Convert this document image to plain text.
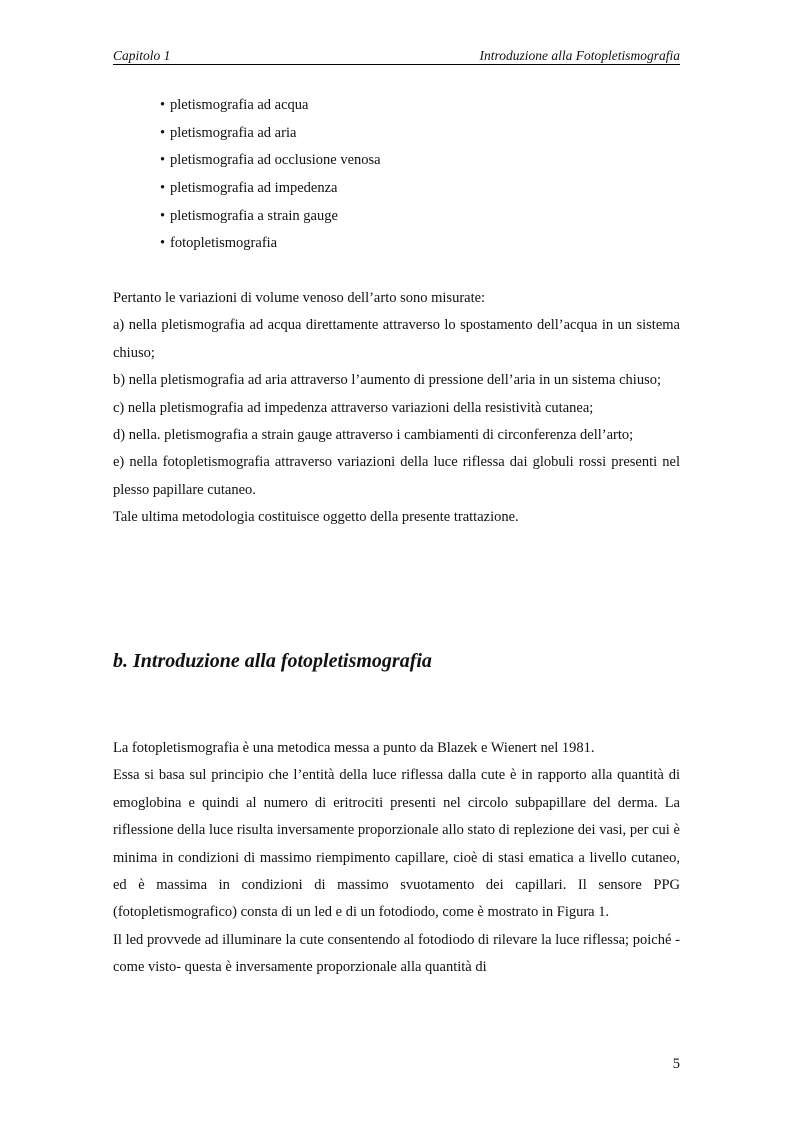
Capitolo 1	Introduzione alla Fotopletismografia
• pletismografia ad acqua
• pletismografia ad aria
• pletismografia ad occlusione venosa
• pletismografia ad impedenza
• pletismografia a strain gauge
• fotopletismografia

Pertanto le variazioni di volume venoso dell’arto sono misurate:

a) nella pletismografia ad acqua direttamente attraverso lo spostamento dell’acqua in un sistema chiuso;

b) nella pletismografia ad aria attraverso l’aumento di pressione dell’aria in un sistema chiuso;

c) nella pletismografia ad impedenza attraverso variazioni della resistività cutanea;

d) nella. pletismografia a strain gauge attraverso i cambiamenti di circonferenza dell’arto;

e) nella fotopletismografia attraverso variazioni della luce riflessa dai globuli rossi presenti nel plesso papillare cutaneo.

Tale ultima metodologia costituisce oggetto della presente trattazione.

b. Introduzione alla fotopletismografia

La fotopletismografia è una metodica messa a punto da Blazek e Wienert nel 1981.

Essa si basa sul principio che l’entità della luce riflessa dalla cute è in rapporto alla quantità di emoglobina e quindi al numero di eritrociti presenti nel circolo subpapillare del derma. La riflessione della luce risulta inversamente proporzionale allo stato di replezione dei vasi, per cui è minima in condizioni di massimo riempimento capillare, cioè di stasi ematica a livello cutaneo, ed è massima in condizioni di massimo svuotamento dei capillari. Il sensore PPG (fotopletismografico) consta di un led e di un fotodiodo, come è mostrato in Figura 1.

Il led provvede ad illuminare la cute consentendo al fotodiodo di rilevare la luce riflessa; poiché -come visto- questa è inversamente proporzionale alla quantità di

5
